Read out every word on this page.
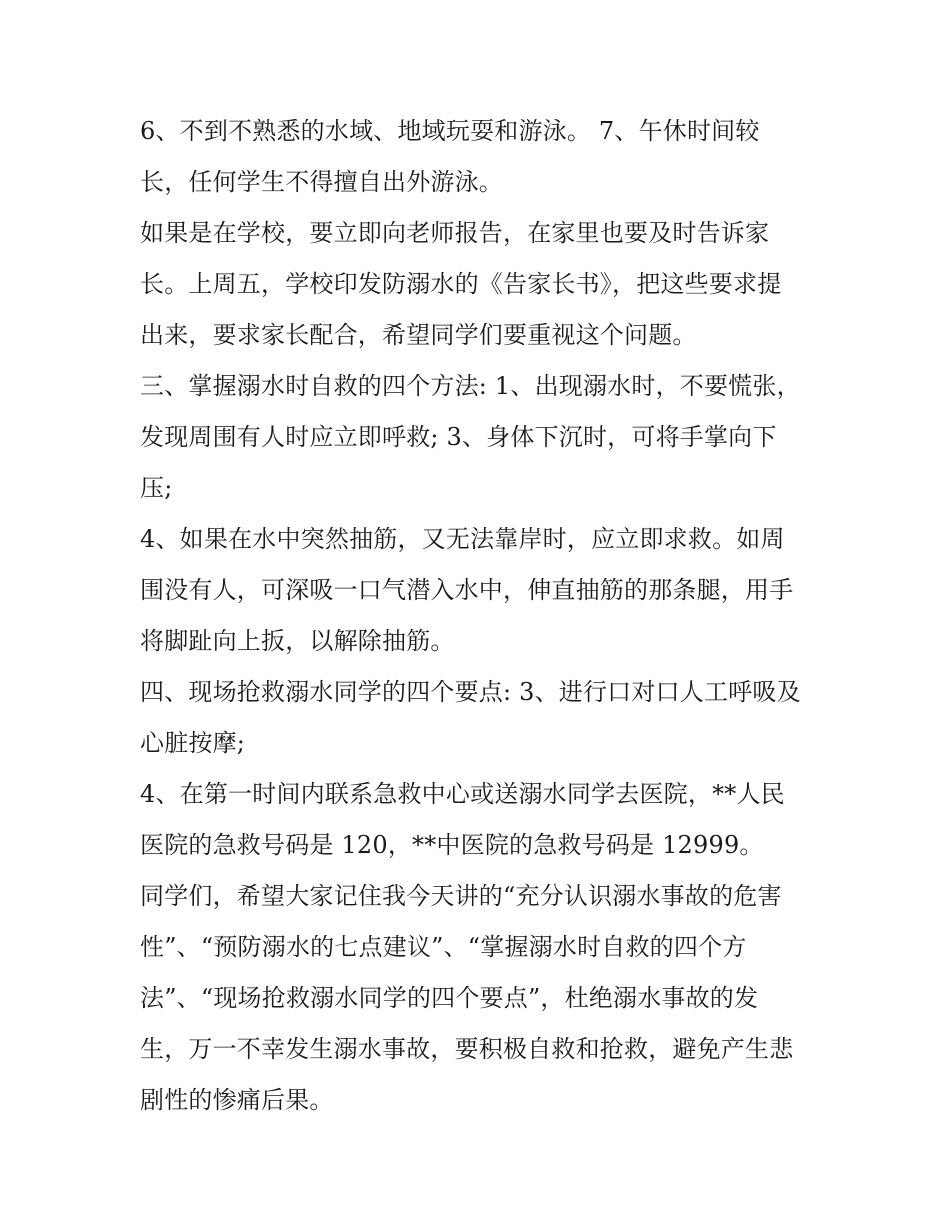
6、不到不熟悉的水域、地域玩耍和游泳。 7、午休时间较
长，任何学生不得擅自出外游泳。
如果是在学校，要立即向老师报告，在家里也要及时告诉家
长。上周五，学校印发防溺水的《告家长书》，把这些要求提
出来，要求家长配合，希望同学们要重视这个问题。
三、掌握溺水时自救的四个方法: 1、出现溺水时，不要慌张，
发现周围有人时应立即呼救; 3、身体下沉时，可将手掌向下
压;
4、如果在水中突然抽筋，又无法靠岸时，应立即求救。如周
围没有人，可深吸一口气潜入水中，伸直抽筋的那条腿，用手
将脚趾向上扳，以解除抽筋。
四、现场抢救溺水同学的四个要点: 3、进行口对口人工呼吸及
心脏按摩;
4、在第一时间内联系急救中心或送溺水同学去医院，**人民
医院的急救号码是 120，**中医院的急救号码是 12999。
同学们，希望大家记住我今天讲的“充分认识溺水事故的危害
性”、“预防溺水的七点建议”、“掌握溺水时自救的四个方
法”、“现场抢救溺水同学的四个要点”，杜绝溺水事故的发
生，万一不幸发生溺水事故，要积极自救和抢救，避免产生悲
剧性的惨痛后果。
